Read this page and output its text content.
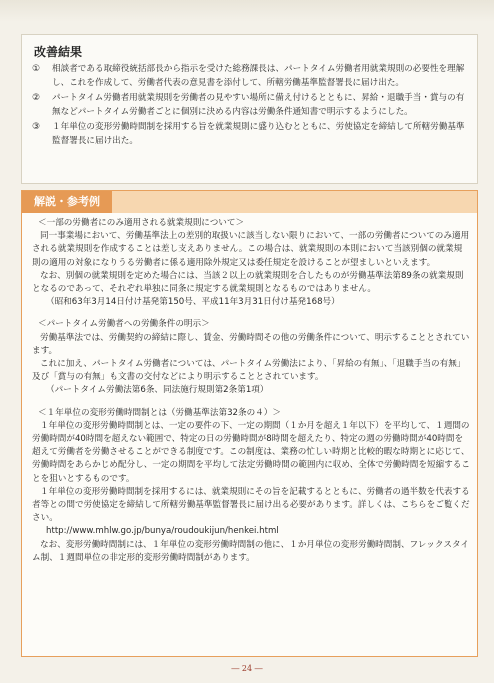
改善結果
① 相談者である取締役統括部長から指示を受けた総務課長は、パートタイム労働者用就業規則の必要性を理解し、これを作成して、労働者代表の意見書を添付して、所轄労働基準監督署長に届け出た。
② パートタイム労働者用就業規則を労働者の見やすい場所に備え付けるとともに、昇給・退職手当・賞与の有無などパートタイム労働者ごとに個別に決める内容は労働条件通知書で明示するようにした。
③ １年単位の変形労働時間制を採用する旨を就業規則に盛り込むとともに、労使協定を締結して所轄労働基準監督署長に届け出た。
解説・参考例
＜一部の労働者にのみ適用される就業規則について＞
同一事業場において、労働基準法上の差別的取扱いに該当しない限りにおいて、一部の労働者についてのみ適用される就業規則を作成することは差し支えありません。この場合は、就業規則の本則において当該別個の就業規則の適用の対象になりうる労働者に係る適用除外規定又は委任規定を設けることが望ましいといえます。
なお、別個の就業規則を定めた場合には、当該２以上の就業規則を合したものが労働基準法第89条の就業規則となるのであって、それぞれ単独に同条に規定する就業規則となるものではありません。
（昭和63年3月14日付け基発第150号、平成11年3月31日付け基発168号）
＜パートタイム労働者への労働条件の明示＞
労働基準法では、労働契約の締結に際し、賃金、労働時間その他の労働条件について、明示することとされています。
これに加え、パートタイム労働者については、パートタイム労働法により、「昇給の有無」、「退職手当の有無」及び「賞与の有無」も文書の交付などにより明示することとされています。
（パートタイム労働法第6条、同法施行規則第2条第1項）
＜１年単位の変形労働時間制とは（労働基準法第32条の４）＞
１年単位の変形労働時間制とは、一定の要件の下、一定の期間（１か月を超え１年以下）を平均して、１週間の労働時間が40時間を超えない範囲で、特定の日の労働時間が8時間を超えたり、特定の週の労働時間が40時間を超えて労働者を労働させることができる制度です。この制度は、業務の忙しい時期と比較的暇な時期とに応じて、労働時間をあらかじめ配分し、一定の期間を平均して法定労働時間の範囲内に収め、全体で労働時間を短縮することを狙いとするものです。
１年単位の変形労働時間制を採用するには、就業規則にその旨を記載するとともに、労働者の過半数を代表する者等との間で労使協定を締結して所轄労働基準監督署長に届け出る必要があります。詳しくは、こちらをご覧ください。
http://www.mhlw.go.jp/bunya/roudoukijun/henkei.html
なお、変形労働時間制には、１年単位の変形労働時間制の他に、１か月単位の変形労働時間制、フレックスタイム制、１週間単位の非定形的変形労働時間制があります。
― 24 ―
